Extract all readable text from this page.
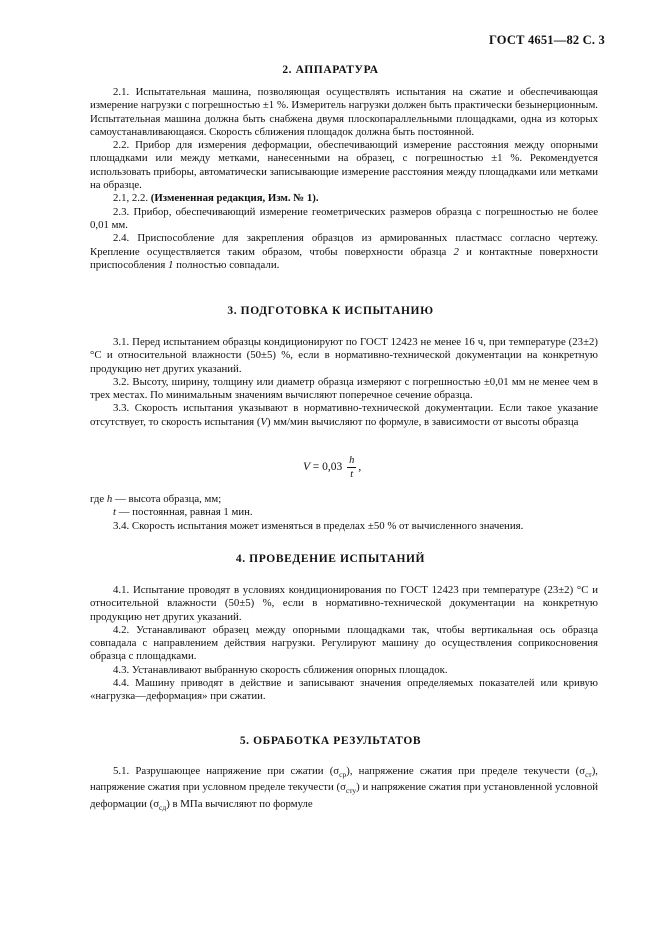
ГОСТ 4651—82 С. 3
2. АППАРАТУРА

2.1. Испытательная машина, позволяющая осуществлять испытания на сжатие и обеспечивающая измерение нагрузки с погрешностью ±1 %. Измеритель нагрузки должен быть практически безынерционным. Испытательная машина должна быть снабжена двумя плоскопараллельными площадками, одна из которых самоустанавливающаяся. Скорость сближения площадок должна быть постоянной.

2.2. Прибор для измерения деформации, обеспечивающий измерение расстояния между опорными площадками или между метками, нанесенными на образец, с погрешностью ±1 %. Рекомендуется использовать приборы, автоматически записывающие измерение расстояния между площадками или метками на образце.

2.1, 2.2. (Измененная редакция, Изм. № 1).

2.3. Прибор, обеспечивающий измерение геометрических размеров образца с погрешностью не более 0,01 мм.

2.4. Приспособление для закрепления образцов из армированных пластмасс согласно чертежу. Крепление осуществляется таким образом, чтобы поверхности образца 2 и контактные поверхности приспособления 1 полностью совпадали.

3. ПОДГОТОВКА К ИСПЫТАНИЮ

3.1. Перед испытанием образцы кондиционируют по ГОСТ 12423 не менее 16 ч, при температуре (23±2) °С и относительной влажности (50±5) %, если в нормативно-технической документации на конкретную продукцию нет других указаний.

3.2. Высоту, ширину, толщину или диаметр образца измеряют с погрешностью ±0,01 мм не менее чем в трех местах. По минимальным значениям вычисляют поперечное сечение образца.

3.3. Скорость испытания указывают в нормативно-технической документации. Если такое указание отсутствует, то скорость испытания (V) мм/мин вычисляют по формуле, в зависимости от высоты образца

$V = 0,03 \frac{h}{t}$ ,

где h — высота образца, мм;

t — постоянная, равная 1 мин.

3.4. Скорость испытания может изменяться в пределах ±50 % от вычисленного значения.

4. ПРОВЕДЕНИЕ ИСПЫТАНИЙ

4.1. Испытание проводят в условиях кондиционирования по ГОСТ 12423 при температуре (23±2) °С и относительной влажности (50±5) %, если в нормативно-технической документации на конкретную продукцию нет других указаний.

4.2. Устанавливают образец между опорными площадками так, чтобы вертикальная ось образца совпадала с направлением действия нагрузки. Регулируют машину до осуществления соприкосновения образца с площадками.

4.3. Устанавливают выбранную скорость сближения опорных площадок.

4.4. Машину приводят в действие и записывают значения определяемых показателей или кривую «нагрузка—деформация» при сжатии.

5. ОБРАБОТКА РЕЗУЛЬТАТОВ

5.1. Разрушающее напряжение при сжатии $(\sigma_{ср})$, напряжение сжатия при пределе текучести $(\sigma_{ст})$, напряжение сжатия при условном пределе текучести $(\sigma_{сту})$ и напряжение сжатия при установленной условной деформации $(\sigma_{сд})$ в МПа вычисляют по формуле
